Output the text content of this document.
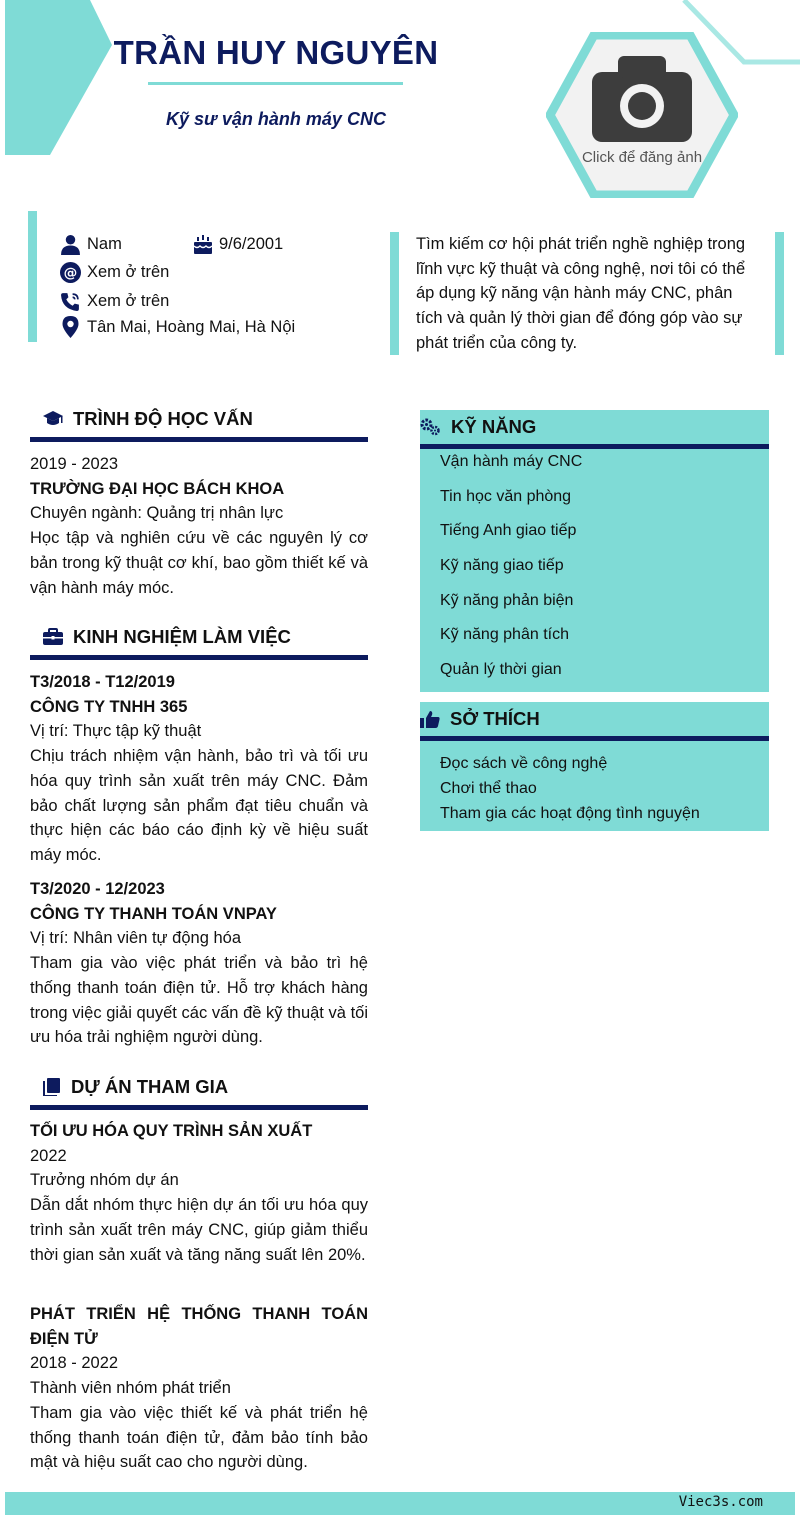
TRẦN HUY NGUYÊN
Kỹ sư vận hành máy CNC
Click để đăng ảnh
Nam	9/6/2001
@ Xem ở trên
Xem ở trên
Tân Mai, Hoàng Mai, Hà Nội
Tìm kiếm cơ hội phát triển nghề nghiệp trong lĩnh vực kỹ thuật và công nghệ, nơi tôi có thể áp dụng kỹ năng vận hành máy CNC, phân tích và quản lý thời gian để đóng góp vào sự phát triển của công ty.
TRÌNH ĐỘ HỌC VẤN
2019 - 2023
TRƯỜNG ĐẠI HỌC BÁCH KHOA
Chuyên ngành: Quảng trị nhân lực
Học tập và nghiên cứu về các nguyên lý cơ bản trong kỹ thuật cơ khí, bao gồm thiết kế và vận hành máy móc.
KINH NGHIỆM LÀM VIỆC
T3/2018 - T12/2019
CÔNG TY TNHH 365
Vị trí: Thực tập kỹ thuật
Chịu trách nhiệm vận hành, bảo trì và tối ưu hóa quy trình sản xuất trên máy CNC. Đảm bảo chất lượng sản phẩm đạt tiêu chuẩn và thực hiện các báo cáo định kỳ về hiệu suất máy móc.
T3/2020 - 12/2023
CÔNG TY THANH TOÁN VNPAY
Vị trí: Nhân viên tự động hóa
Tham gia vào việc phát triển và bảo trì hệ thống thanh toán điện tử. Hỗ trợ khách hàng trong việc giải quyết các vấn đề kỹ thuật và tối ưu hóa trải nghiệm người dùng.
DỰ ÁN THAM GIA
TỐI ƯU HÓA QUY TRÌNH SẢN XUẤT
2022
Trưởng nhóm dự án
Dẫn dắt nhóm thực hiện dự án tối ưu hóa quy trình sản xuất trên máy CNC, giúp giảm thiểu thời gian sản xuất và tăng năng suất lên 20%.
PHÁT TRIỂN HỆ THỐNG THANH TOÁN ĐIỆN TỬ
2018 - 2022
Thành viên nhóm phát triển
Tham gia vào việc thiết kế và phát triển hệ thống thanh toán điện tử, đảm bảo tính bảo mật và hiệu suất cao cho người dùng.
KỸ NĂNG
Vận hành máy CNC
Tin học văn phòng
Tiếng Anh giao tiếp
Kỹ năng giao tiếp
Kỹ năng phản biện
Kỹ năng phân tích
Quản lý thời gian
SỞ THÍCH
Đọc sách về công nghệ
Chơi thể thao
Tham gia các hoạt động tình nguyện
Viec3s.com
